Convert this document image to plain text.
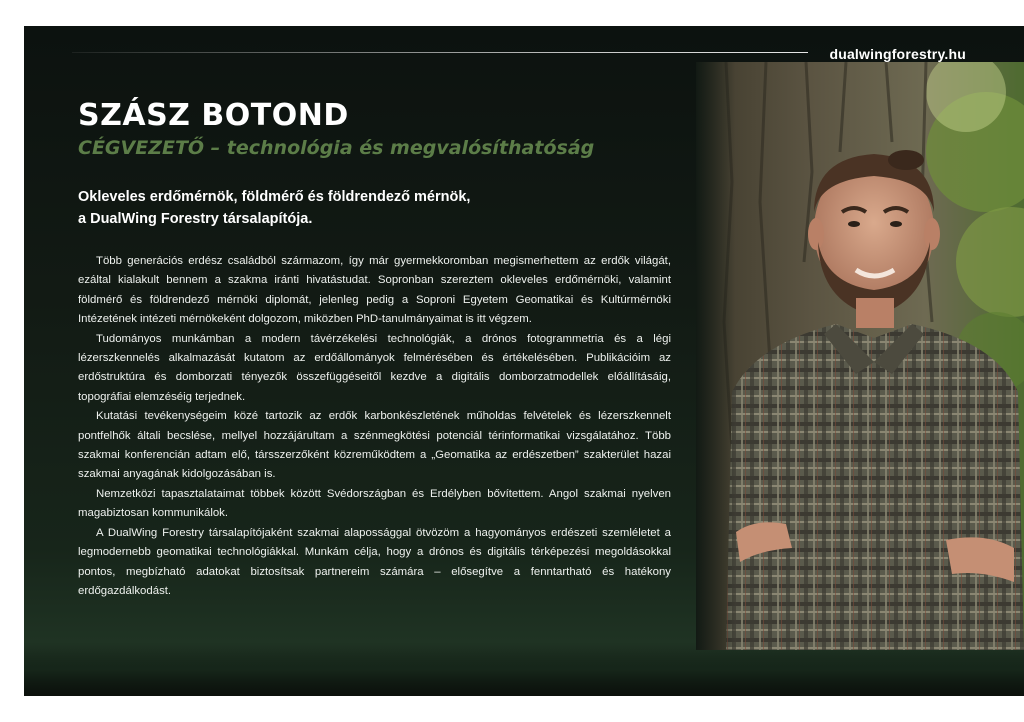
dualwingforestry.hu
SZÁSZ BOTOND
CÉGVEZETŐ – technológia és megvalósíthatóság
Okleveles erdőmérnök, földmérő és földrendező mérnök,
a DualWing Forestry társalapítója.

Több generációs erdész családból származom, így már gyermekkoromban megismerhettem az erdők világát, ezáltal kialakult bennem a szakma iránti hivatástudat. Sopronban szereztem okleveles erdőmérnöki, valamint földmérő és földrendező mérnöki diplomát, jelenleg pedig a Soproni Egyetem Geomatikai és Kultúrmérnöki Intézetének intézeti mérnökeként dolgozom, miközben PhD-tanulmányaimat is itt végzem.

Tudományos munkámban a modern távérzékelési technológiák, a drónos fotogrammetria és a légi lézerszkennelés alkalmazását kutatom az erdőállományok felmérésében és értékelésében. Publikációim az erdőstruktúra és domborzati tényezők összefüggéseitől kezdve a digitális domborzatmodellek előállításáig, topográfiai elemzéséig terjednek.

Kutatási tevékenységeim közé tartozik az erdők karbonkészletének műholdas felvételek és lézerszkennelt pontfelhők általi becslése, mellyel hozzájárultam a szénmegkötési potenciál térinformatikai vizsgálatához. Több szakmai konferencián adtam elő, társszerzőként közreműködtem a „Geomatika az erdészetben” szakterület hazai szakmai anyagának kidolgozásában is.

Nemzetközi tapasztalataimat többek között Svédországban és Erdélyben bővítettem. Angol szakmai nyelven magabiztosan kommunikálok.

A DualWing Forestry társalapítójaként szakmai alapossággal ötvözöm a hagyományos erdészeti szemléletet a legmodernebb geomatikai technológiákkal. Munkám célja, hogy a drónos és digitális térképezési megoldásokkal pontos, megbízható adatokat biztosítsak partnereim számára – elősegítve a fenntartható és hatékony erdőgazdálkodást.
